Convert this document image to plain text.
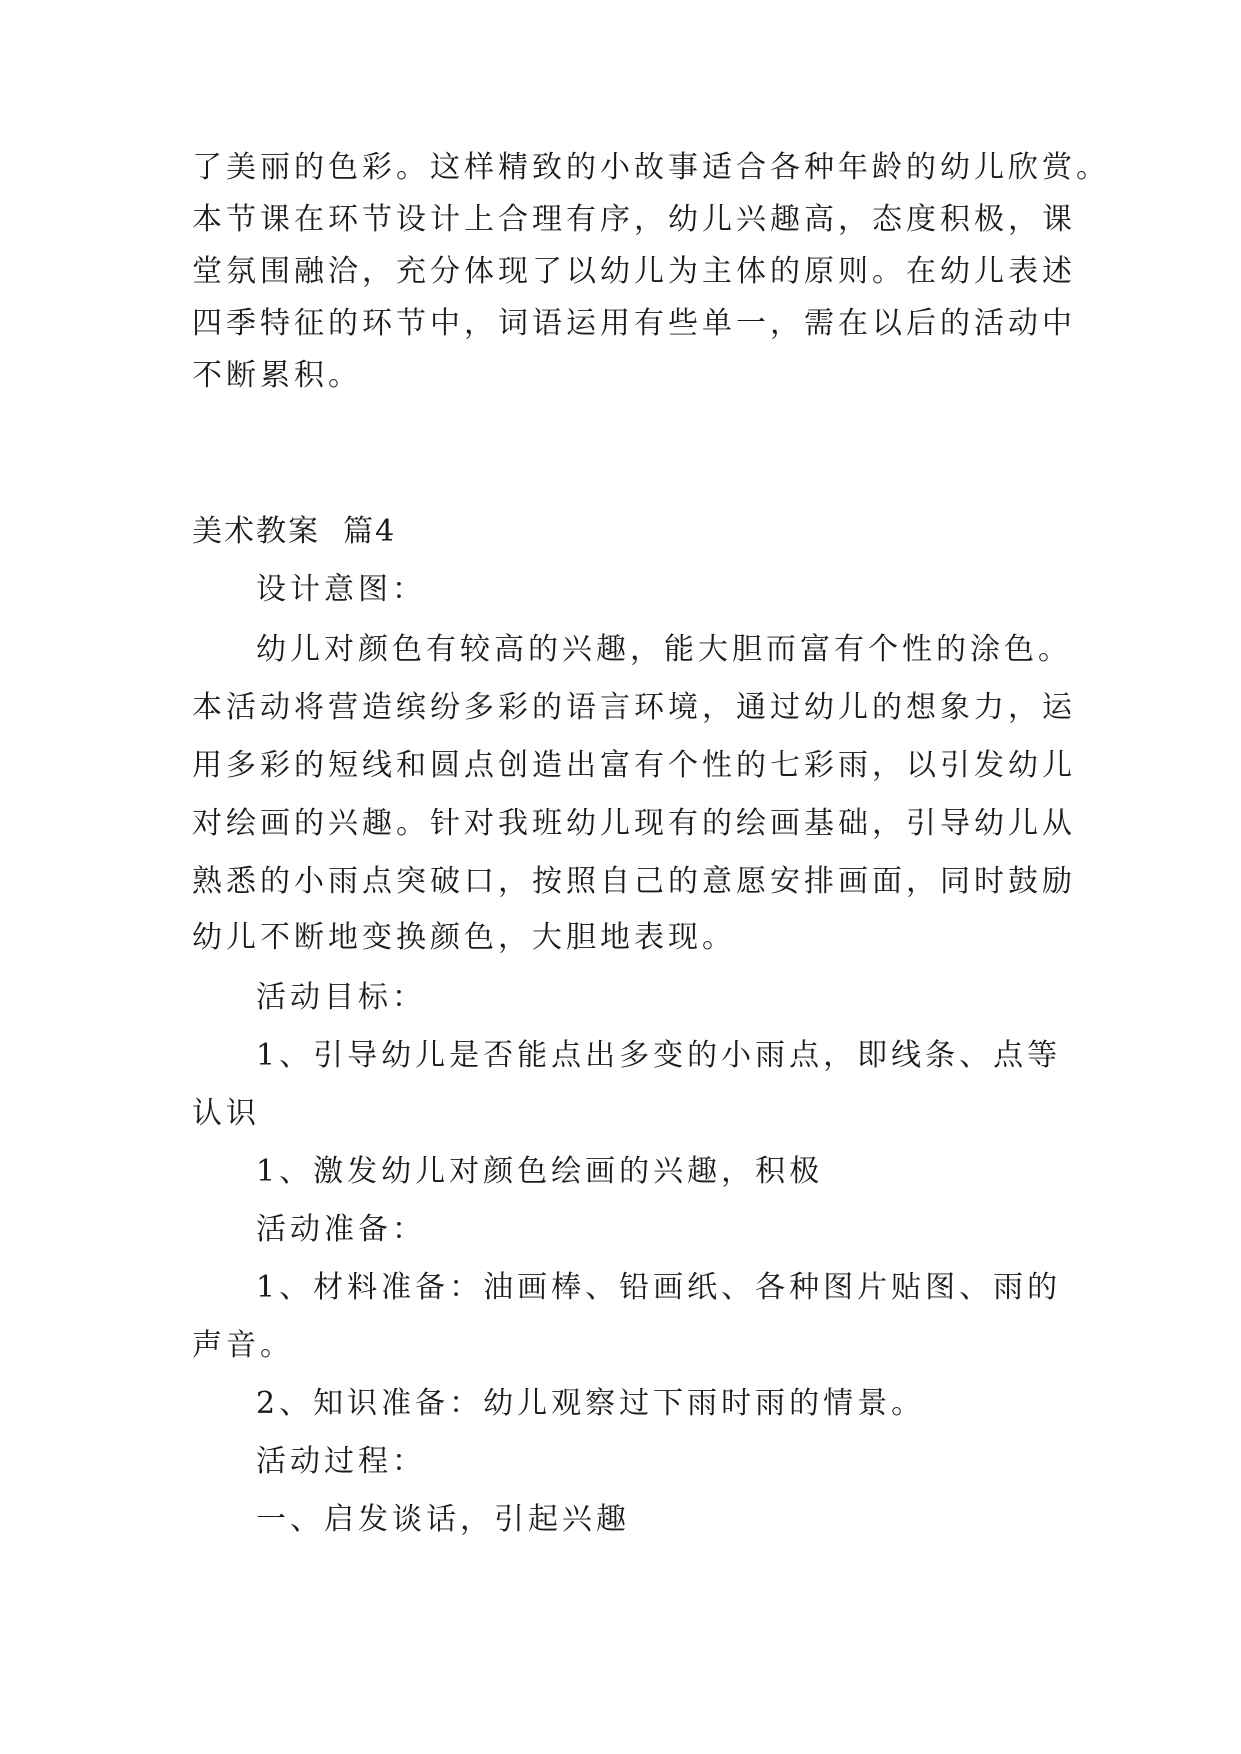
了美丽的色彩。这样精致的小故事适合各种年龄的幼儿欣赏。
本节课在环节设计上合理有序，幼儿兴趣高，态度积极，课
堂氛围融洽，充分体现了以幼儿为主体的原则。在幼儿表述
四季特征的环节中，词语运用有些单一，需在以后的活动中
不断累积。
美术教案  篇4
设计意图：
幼儿对颜色有较高的兴趣，能大胆而富有个性的涂色。
本活动将营造缤纷多彩的语言环境，通过幼儿的想象力，运
用多彩的短线和圆点创造出富有个性的七彩雨，以引发幼儿
对绘画的兴趣。针对我班幼儿现有的绘画基础，引导幼儿从
熟悉的小雨点突破口，按照自己的意愿安排画面，同时鼓励
幼儿不断地变换颜色，大胆地表现。
活动目标：
1、引导幼儿是否能点出多变的小雨点，即线条、点等
认识
1、激发幼儿对颜色绘画的兴趣，积极
活动准备：
1、材料准备：油画棒、铅画纸、各种图片贴图、雨的
声音。
2、知识准备：幼儿观察过下雨时雨的情景。
活动过程：
一、启发谈话，引起兴趣
